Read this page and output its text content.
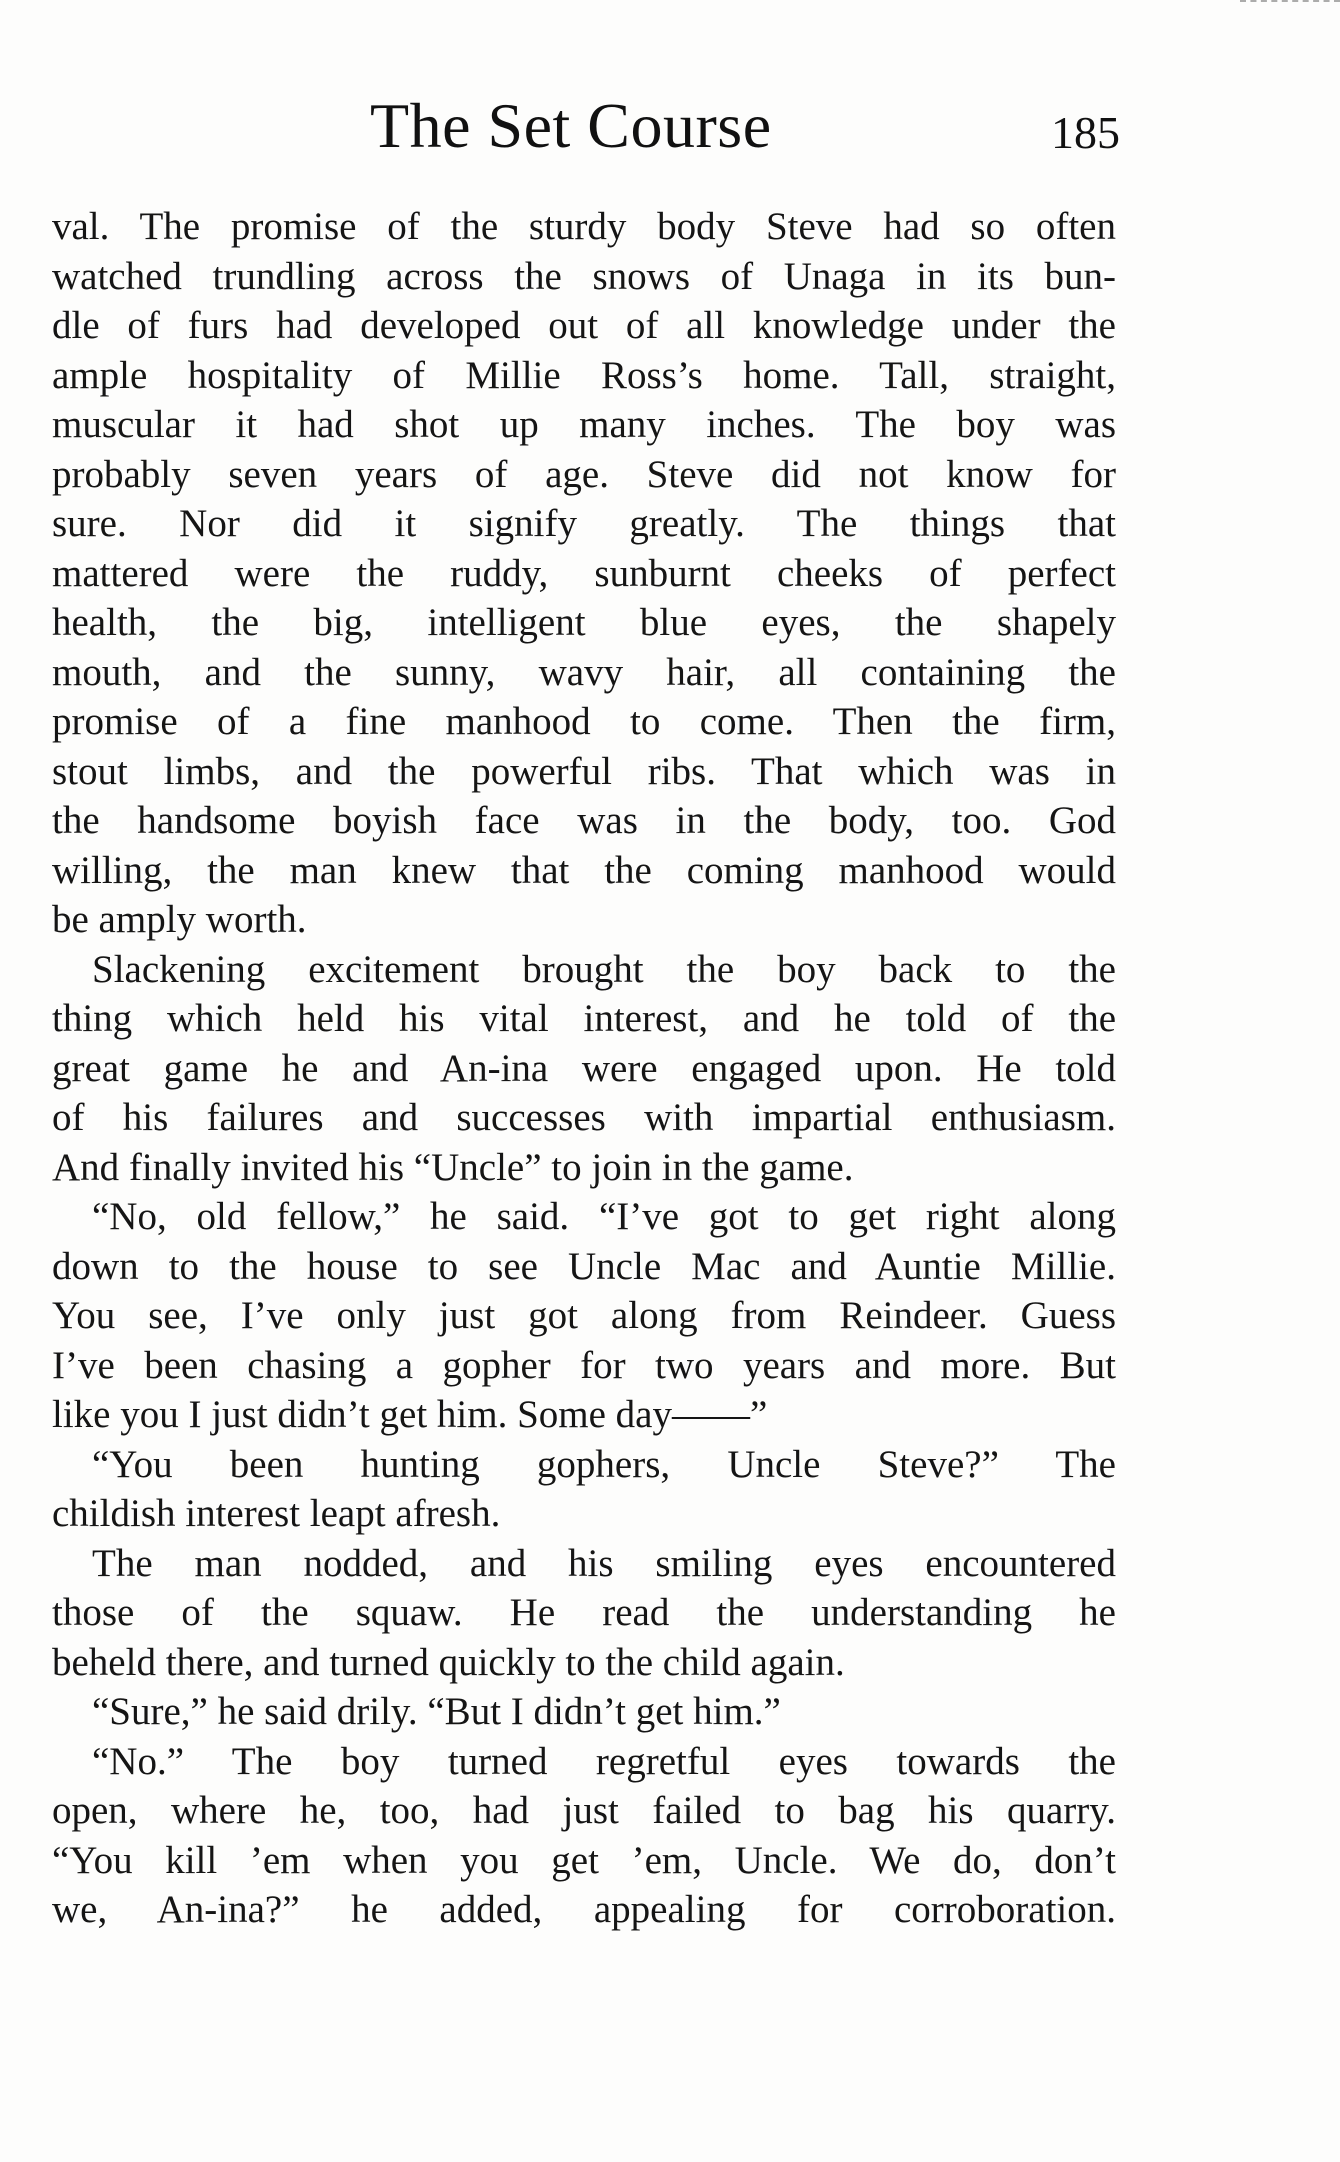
The Set Course	185
val. The promise of the sturdy body Steve had so often
watched trundling across the snows of Unaga in its bun-
dle of furs had developed out of all knowledge under the
ample hospitality of Millie Ross’s home. Tall, straight,
muscular it had shot up many inches. The boy was
probably seven years of age. Steve did not know for
sure. Nor did it signify greatly. The things that
mattered were the ruddy, sunburnt cheeks of perfect
health, the big, intelligent blue eyes, the shapely
mouth, and the sunny, wavy hair, all containing the
promise of a fine manhood to come. Then the firm,
stout limbs, and the powerful ribs. That which was in
the handsome boyish face was in the body, too. God
willing, the man knew that the coming manhood would
be amply worth.
Slackening excitement brought the boy back to the
thing which held his vital interest, and he told of the
great game he and An-ina were engaged upon. He told
of his failures and successes with impartial enthusiasm.
And finally invited his “Uncle” to join in the game.
“No, old fellow,” he said. “I’ve got to get right along
down to the house to see Uncle Mac and Auntie Millie.
You see, I’ve only just got along from Reindeer. Guess
I’ve been chasing a gopher for two years and more. But
like you I just didn’t get him. Some day——”
“You been hunting gophers, Uncle Steve?” The
childish interest leapt afresh.
The man nodded, and his smiling eyes encountered
those of the squaw. He read the understanding he
beheld there, and turned quickly to the child again.
“Sure,” he said drily. “But I didn’t get him.”
“No.” The boy turned regretful eyes towards the
open, where he, too, had just failed to bag his quarry.
“You kill ’em when you get ’em, Uncle. We do, don’t
we, An-ina?” he added, appealing for corroboration.
